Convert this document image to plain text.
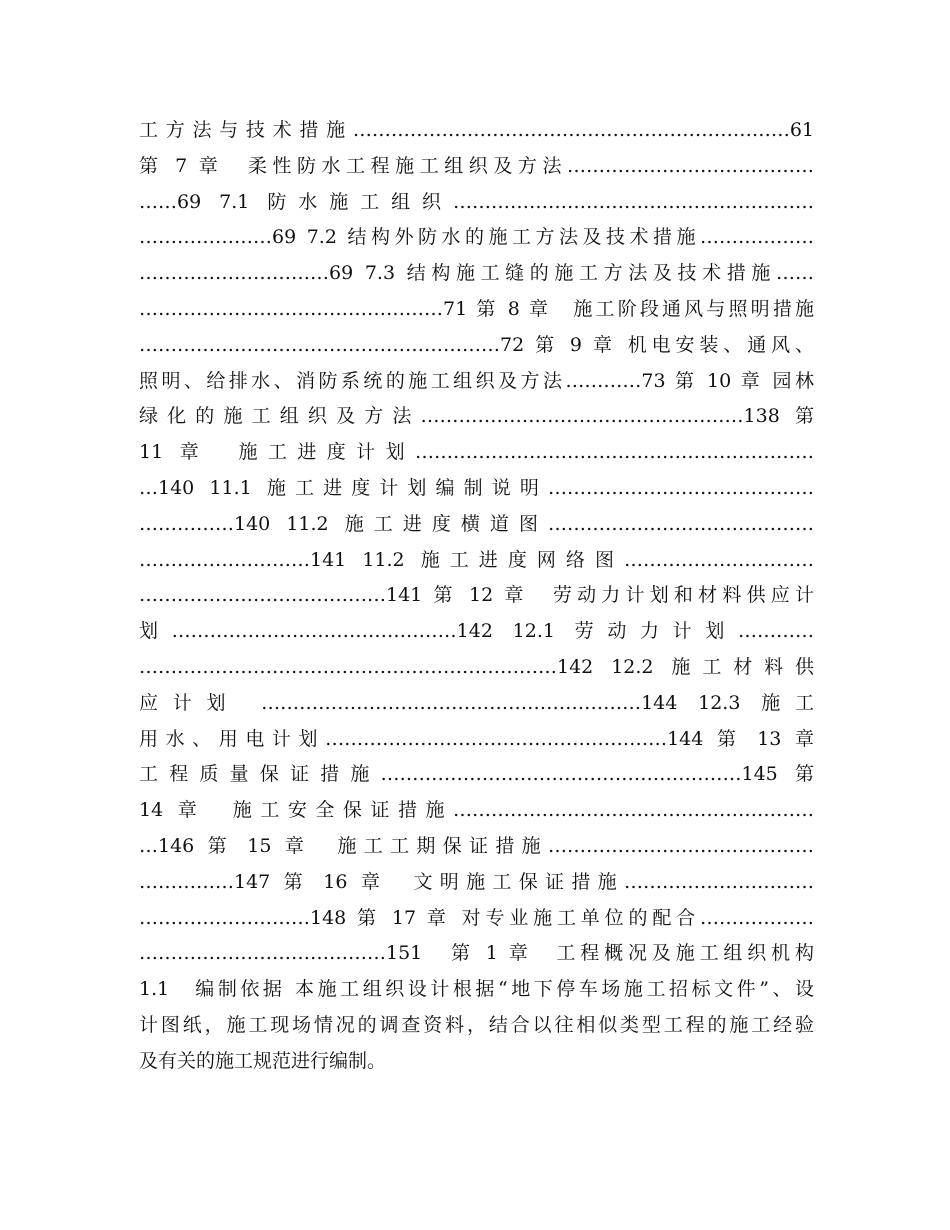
工方法与技术措施……………………………………………………………61
第 7 章　柔性防水工程施工组织及方法…………………………………
……69 7.1 防水施工组织…………………………………………………
…………………69 7.2 结构外防水的施工方法及技术措施………………
…………………………69 7.3 结构施工缝的施工方法及技术措施……
…………………………………………71 第 8 章　施工阶段通风与照明措施
…………………………………………………72 第 9 章 机电安装、通风、
照明、给排水、消防系统的施工组织及方法…………73 第 10 章 园林
绿化的施工组织及方法……………………………………………138 第
11 章　施工进度计划………………………………………………………
…140 11.1 施工进度计划编制说明……………………………………
……………140 11.2 施工进度横道图……………………………………
………………………141 11.2 施工进度网络图…………………………
…………………………………141 第 12 章　劳动力计划和材料供应计
划………………………………………142 12.1 劳动力计划…………
…………………………………………………………142 12.2 施工材料供
应计划 ……………………………………………………144 12.3 施工
用水、用电计划………………………………………………144 第 13 章
工程质量保证措施…………………………………………………145 第
14 章　施工安全保证措施…………………………………………………
…146 第 15 章　施工工期保证措施……………………………………
……………147 第 16 章　文明施工保证措施…………………………
………………………148 第 17 章 对专业施工单位的配合………………
…………………………………151　第 1 章　工程概况及施工组织机构
1.1　编制依据 本施工组织设计根据“地下停车场施工招标文件”、设
计图纸，施工现场情况的调查资料，结合以往相似类型工程的施工经验
及有关的施工规范进行编制。
